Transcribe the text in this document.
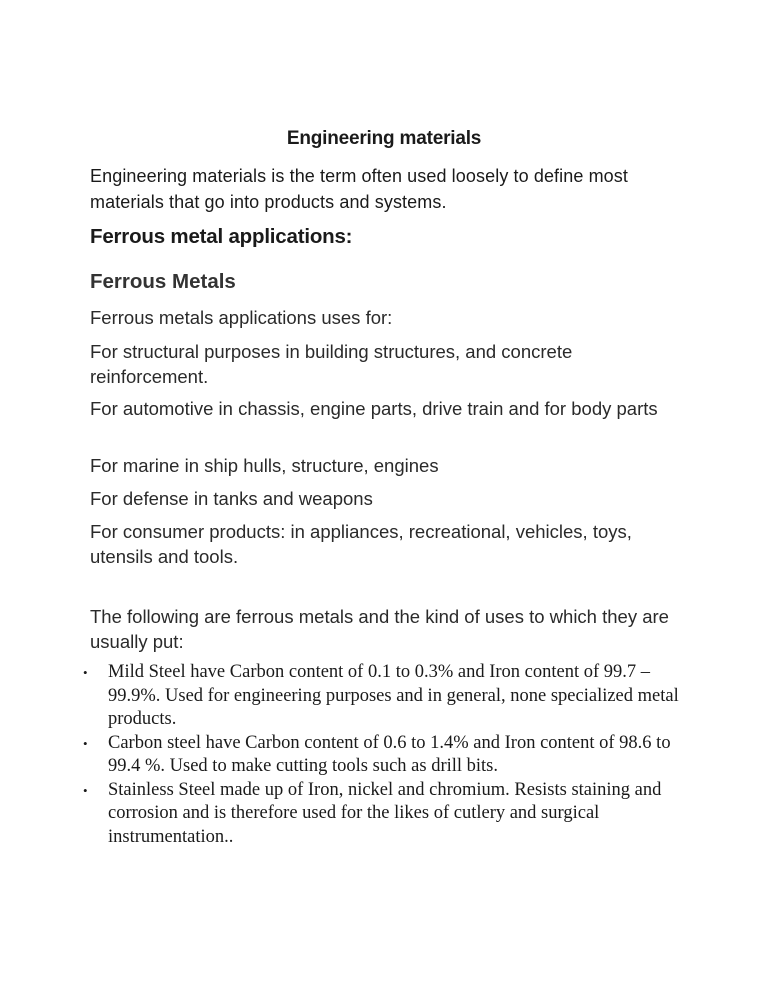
Engineering materials
Engineering materials is the term often used loosely to define most materials that go into products and systems.
Ferrous metal applications:
Ferrous Metals
Ferrous metals applications uses for:
For structural purposes in building structures, and concrete reinforcement.
For automotive in chassis, engine parts, drive train and for body parts
For marine in ship hulls, structure, engines
For defense in tanks and weapons
For consumer products: in appliances, recreational, vehicles, toys, utensils and tools.
The following are ferrous metals and the kind of uses to which they are usually put:
• Mild Steel have Carbon content of 0.1 to 0.3% and Iron content of 99.7 – 99.9%. Used for engineering purposes and in general, none specialized metal products.
• Carbon steel have Carbon content of 0.6 to 1.4% and Iron content of 98.6 to 99.4 %. Used to make cutting tools such as drill bits.
• Stainless Steel made up of Iron, nickel and chromium. Resists staining and corrosion and is therefore used for the likes of cutlery and surgical instrumentation..
